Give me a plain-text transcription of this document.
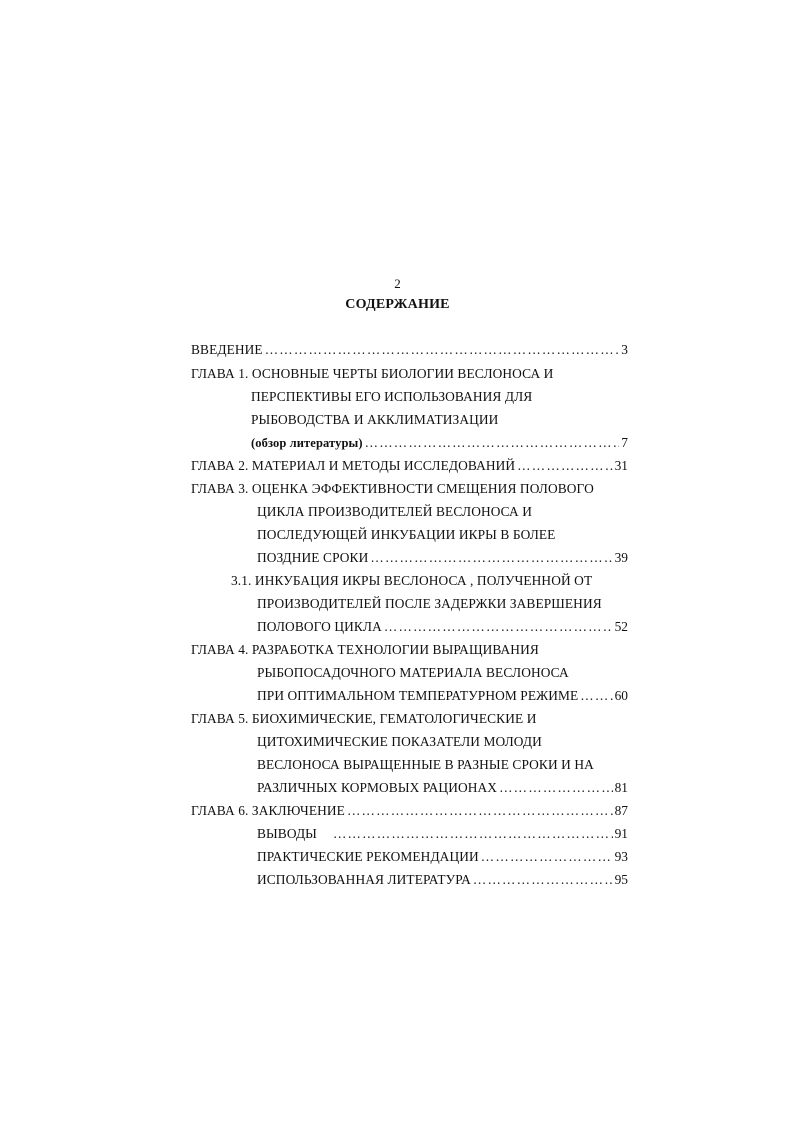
2
СОДЕРЖАНИЕ
ВВЕДЕНИЕ ……………………………………………………………………………………………………………………………………………………………………………………	3
ГЛАВА 1. ОСНОВНЫЕ ЧЕРТЫ БИОЛОГИИ ВЕСЛОНОСА И
ПЕРСПЕКТИВЫ ЕГО ИСПОЛЬЗОВАНИЯ ДЛЯ
РЫБОВОДСТВА И АККЛИМАТИЗАЦИИ
(обзор литературы) ……………………………………………………………………………………………………………………………………………………………………………………	7
ГЛАВА 2. МАТЕРИАЛ И МЕТОДЫ ИССЛЕДОВАНИЙ ……………………………………………………………………………………………………………………………………………………………………………………	31
ГЛАВА 3. ОЦЕНКА ЭФФЕКТИВНОСТИ СМЕЩЕНИЯ ПОЛОВОГО
ЦИКЛА ПРОИЗВОДИТЕЛЕЙ ВЕСЛОНОСА И
ПОСЛЕДУЮЩЕЙ ИНКУБАЦИИ ИКРЫ В БОЛЕЕ
ПОЗДНИЕ СРОКИ ……………………………………………………………………………………………………………………………………………………………………………………	39
3.1. ИНКУБАЦИЯ ИКРЫ ВЕСЛОНОСА , ПОЛУЧЕННОЙ ОТ
ПРОИЗВОДИТЕЛЕЙ ПОСЛЕ ЗАДЕРЖКИ ЗАВЕРШЕНИЯ
ПОЛОВОГО ЦИКЛА ……………………………………………………………………………………………………………………………………………………………………………………	52
ГЛАВА 4. РАЗРАБОТКА ТЕХНОЛОГИИ ВЫРАЩИВАНИЯ
РЫБОПОСАДОЧНОГО МАТЕРИАЛА ВЕСЛОНОСА
ПРИ ОПТИМАЛЬНОМ ТЕМПЕРАТУРНОМ РЕЖИМЕ ……………………………………………………………………………………………………………………………………………………………………………………	60
ГЛАВА 5. БИОХИМИЧЕСКИЕ, ГЕМАТОЛОГИЧЕСКИЕ И
ЦИТОХИМИЧЕСКИЕ ПОКАЗАТЕЛИ МОЛОДИ
ВЕСЛОНОСА ВЫРАЩЕННЫЕ В РАЗНЫЕ СРОКИ И НА
РАЗЛИЧНЫХ КОРМОВЫХ РАЦИОНАХ ……………………………………………………………………………………………………………………………………………………………………………………	81
ГЛАВА 6. ЗАКЛЮЧЕНИЕ ……………………………………………………………………………………………………………………………………………………………………………………	87
ВЫВОДЫ ……………………………………………………………………………………………………………………………………………………………………………………	91
ПРАКТИЧЕСКИЕ РЕКОМЕНДАЦИИ ……………………………………………………………………………………………………………………………………………………………………………………	93
ИСПОЛЬЗОВАННАЯ ЛИТЕРАТУРА ……………………………………………………………………………………………………………………………………………………………………………………	95
